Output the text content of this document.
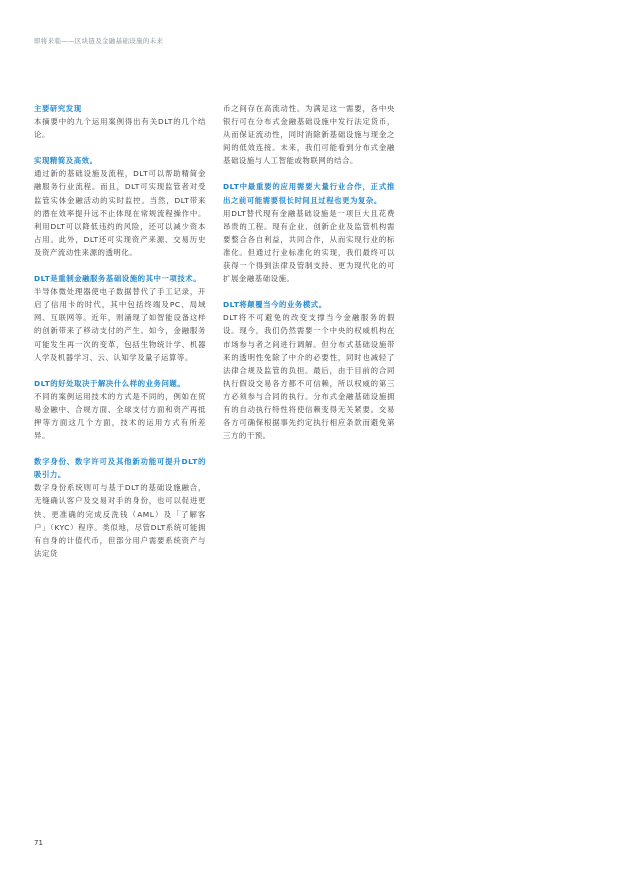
即将来临——区块链及金融基础设施的未来

主要研究发现

本摘要中的九个运用案例得出有关DLT的几个结论。

实现精简及高效。

通过新的基础设施及流程，DLT可以帮助精简金融服务行业流程。而且，DLT可实现监管者对受监管实体金融活动的实时监控。当然，DLT带来的潜在效率提升远不止体现在常规流程操作中。利用DLT可以降低违约的风险，还可以减少资本占用。此外，DLT还可实现资产来源、交易历史及资产流动性来源的透明化。

DLT是重制金融服务基础设施的其中一项技术。

半导体微处理器使电子数据替代了手工记录，开启了信用卡的时代，其中包括终端及PC、局域网、互联网等。近年，则涌现了如智能设备这样的创新带来了移动支付的产生。如今，金融服务可能发生再一次的变革，包括生物统计学、机器人学及机器学习、云、认知学及量子运算等。

DLT的好处取决于解决什么样的业务问题。

不同的案例运用技术的方式是不同的，例如在贸易金融中、合规方面、全球支付方面和资产再抵押等方面这几个方面，技术的运用方式有所差异。

数字身份、数字许可及其他新功能可提升DLT的吸引力。

数字身份系统则可与基于DLT的基础设施融合，无缝确认客户及交易对手的身份，也可以促进更快、更准确的完成反洗钱（AML）及「了解客户」（KYC）程序。类似地，尽管DLT系统可能拥有自身的计值代币，但部分用户需要系统资产与法定货

币之间存在高流动性。为满足这一需要，各中央银行可在分布式金融基础设施中发行法定货币，从而保证流动性，同时消除新基础设施与现金之间的低效连接。未来，我们可能看到分布式金融基础设施与人工智能或物联网的结合。

DLT中最重要的应用需要大量行业合作，正式推出之前可能需要很长时间且过程也更为复杂。

用DLT替代现有金融基础设施是一项巨大且花费昂贵的工程。现有企业、创新企业及监管机构需要整合各自利益，共同合作，从而实现行业的标准化。但通过行业标准化的实现，我们最终可以获得一个得到法律及管制支持、更为现代化的可扩展金融基础设施。

DLT将颠覆当今的业务模式。

DLT将不可避免的改变支撑当今金融服务的假设。现今，我们仍然需要一个中央的权威机构在市场参与者之间进行调解。但分布式基础设施带来的透明性免除了中介的必要性，同时也减轻了法律合规及监管的负担。最后，由于目前的合同执行假设交易各方都不可信赖，所以权威的第三方必须参与合同的执行。分布式金融基础设施拥有的自动执行特性将使信赖变得无关紧要。交易各方可确保根据事先约定执行相应条款而避免第三方的干预。

71
